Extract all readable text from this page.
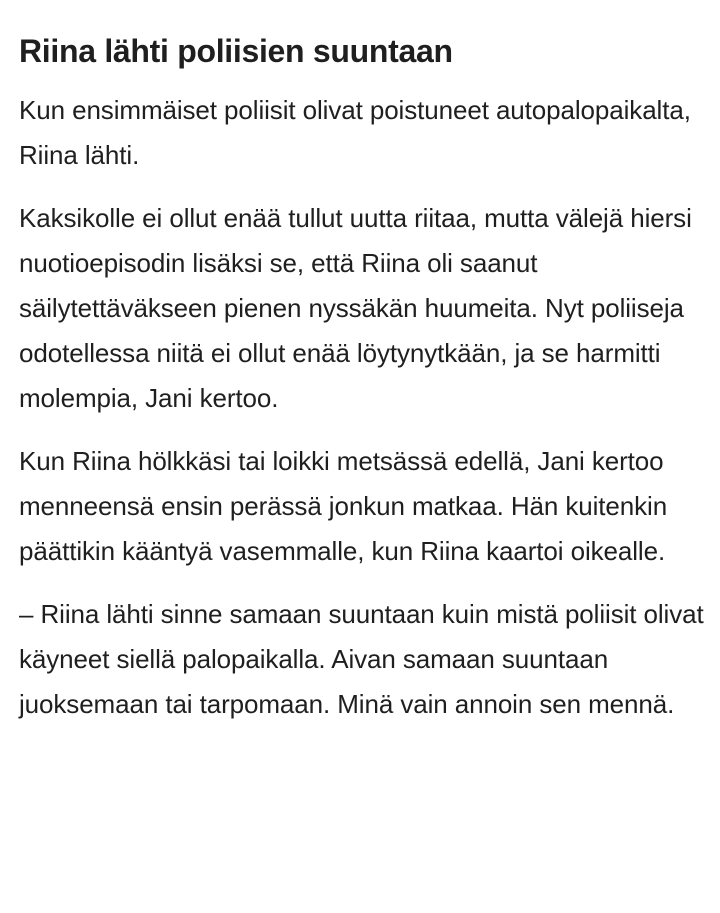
Riina lähti poliisien suuntaan

Kun ensimmäiset poliisit olivat poistuneet autopalopaikalta, Riina lähti.

Kaksikolle ei ollut enää tullut uutta riitaa, mutta välejä hiersi nuotioepisodin lisäksi se, että Riina oli saanut säilytettäväkseen pienen nyssäkän huumeita. Nyt poliiseja odotellessa niitä ei ollut enää löytynytkään, ja se harmitti molempia, Jani kertoo.

Kun Riina hölkkäsi tai loikki metsässä edellä, Jani kertoo menneensä ensin perässä jonkun matkaa. Hän kuitenkin päättikin kääntyä vasemmalle, kun Riina kaartoi oikealle.

– Riina lähti sinne samaan suuntaan kuin mistä poliisit olivat käyneet siellä palopaikalla. Aivan samaan suuntaan juoksemaan tai tarpomaan. Minä vain annoin sen mennä.
